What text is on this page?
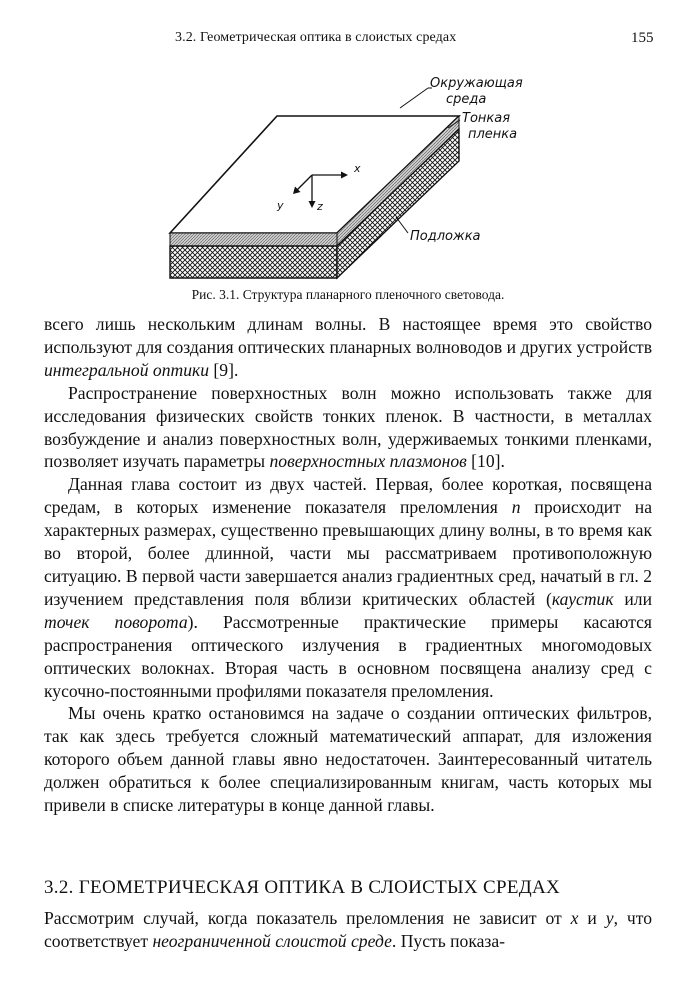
3.2. Геометрическая оптика в слоистых средах	155
Окружающая
среда
Тонкая
пленка
Подложка
x
y	z
Рис. 3.1. Структура планарного пленочного световода.

всего лишь нескольким длинам волны. В настоящее время это свойство используют для создания оптических планарных волноводов и других устройств интегральной оптики [9].

Распространение поверхностных волн можно использовать также для исследования физических свойств тонких пленок. В частности, в металлах возбуждение и анализ поверхностных волн, удерживаемых тонкими пленками, позволяет изучать параметры поверхностных плазмонов [10].

Данная глава состоит из двух частей. Первая, более короткая, посвящена средам, в которых изменение показателя преломления n происходит на характерных размерах, существенно превышающих длину волны, в то время как во второй, более длинной, части мы рассматриваем противоположную ситуацию. В первой части завершается анализ градиентных сред, начатый в гл. 2 изучением представления поля вблизи критических областей (каустик или точек поворота). Рассмотренные практические примеры касаются распространения оптического излучения в градиентных многомодовых оптических волокнах. Вторая часть в основном посвящена анализу сред с кусочно-постоянными профилями показателя преломления.

Мы очень кратко остановимся на задаче о создании оптических фильтров, так как здесь требуется сложный математический аппарат, для изложения которого объем данной главы явно недостаточен. Заинтересованный читатель должен обратиться к более специализированным книгам, часть которых мы привели в списке литературы в конце данной главы.

3.2. ГЕОМЕТРИЧЕСКАЯ ОПТИКА В СЛОИСТЫХ СРЕДАХ

Рассмотрим случай, когда показатель преломления не зависит от x и y, что соответствует неограниченной слоистой среде. Пусть показа-
